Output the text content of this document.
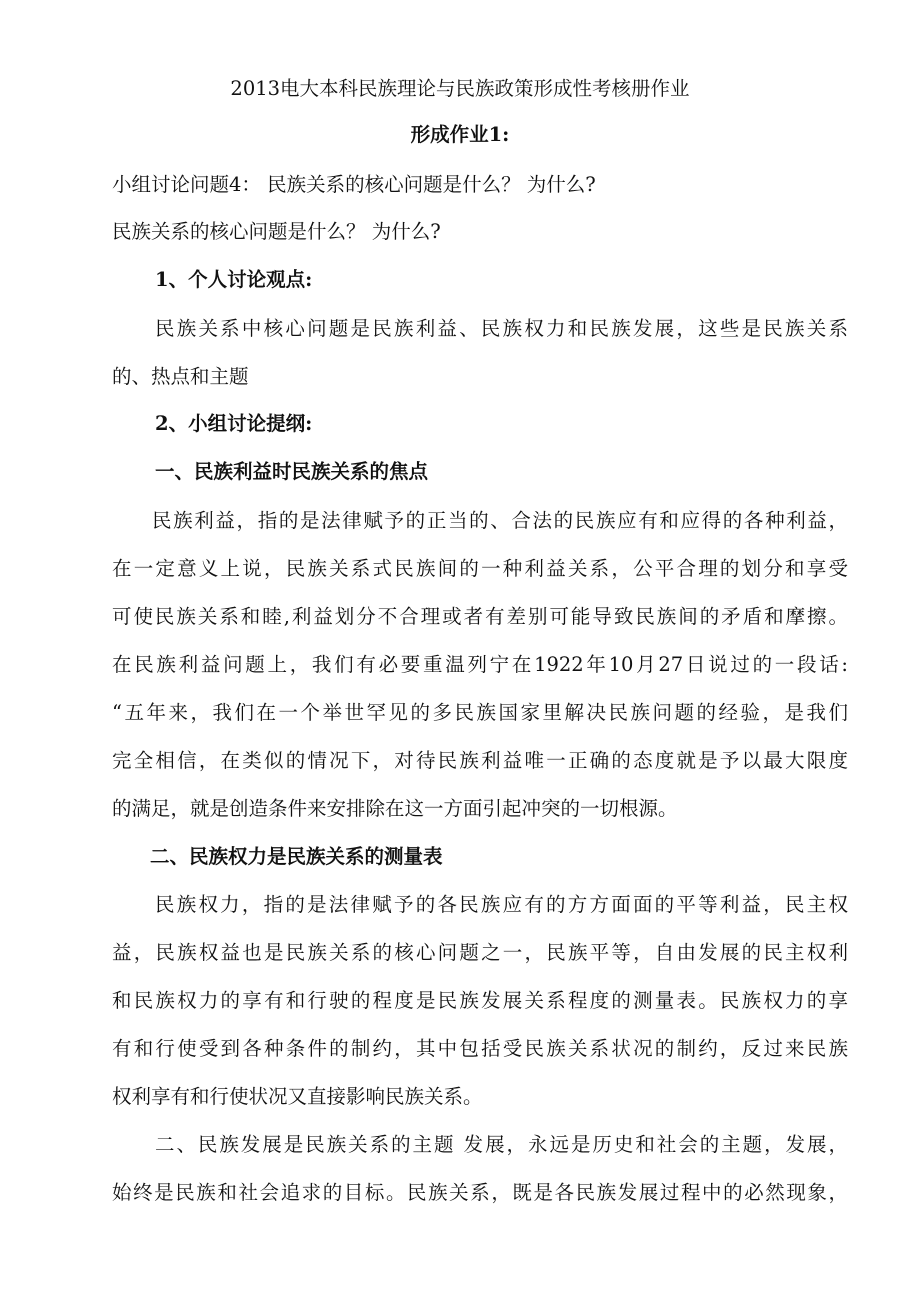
2013电大本科民族理论与民族政策形成性考核册作业
形成作业1:
小组讨论问题4： 民族关系的核心问题是什么？ 为什么?
民族关系的核心问题是什么？ 为什么?
1、个人讨论观点:
民族关系中核心问题是民族利益、民族权力和民族发展，这些是民族关系
的、热点和主题
2、小组讨论提纲:
一、民族利益时民族关系的焦点
民族利益，指的是法律赋予的正当的、合法的民族应有和应得的各种利益，
在一定意义上说，民族关系式民族间的一种利益关系，公平合理的划分和享受
可使民族关系和睦,利益划分不合理或者有差别可能导致民族间的矛盾和摩擦。
在民族利益问题上，我们有必要重温列宁在1922年10月27日说过的一段话:
“五年来，我们在一个举世罕见的多民族国家里解决民族问题的经验，是我们
完全相信，在类似的情况下，对待民族利益唯一正确的态度就是予以最大限度
的满足，就是创造条件来安排除在这一方面引起冲突的一切根源。
二、民族权力是民族关系的测量表
民族权力，指的是法律赋予的各民族应有的方方面面的平等利益，民主权
益，民族权益也是民族关系的核心问题之一，民族平等，自由发展的民主权利
和民族权力的享有和行驶的程度是民族发展关系程度的测量表。民族权力的享
有和行使受到各种条件的制约，其中包括受民族关系状况的制约，反过来民族
权利享有和行使状况又直接影响民族关系。
二、民族发展是民族关系的主题 发展，永远是历史和社会的主题，发展，
始终是民族和社会追求的目标。民族关系，既是各民族发展过程中的必然现象，
